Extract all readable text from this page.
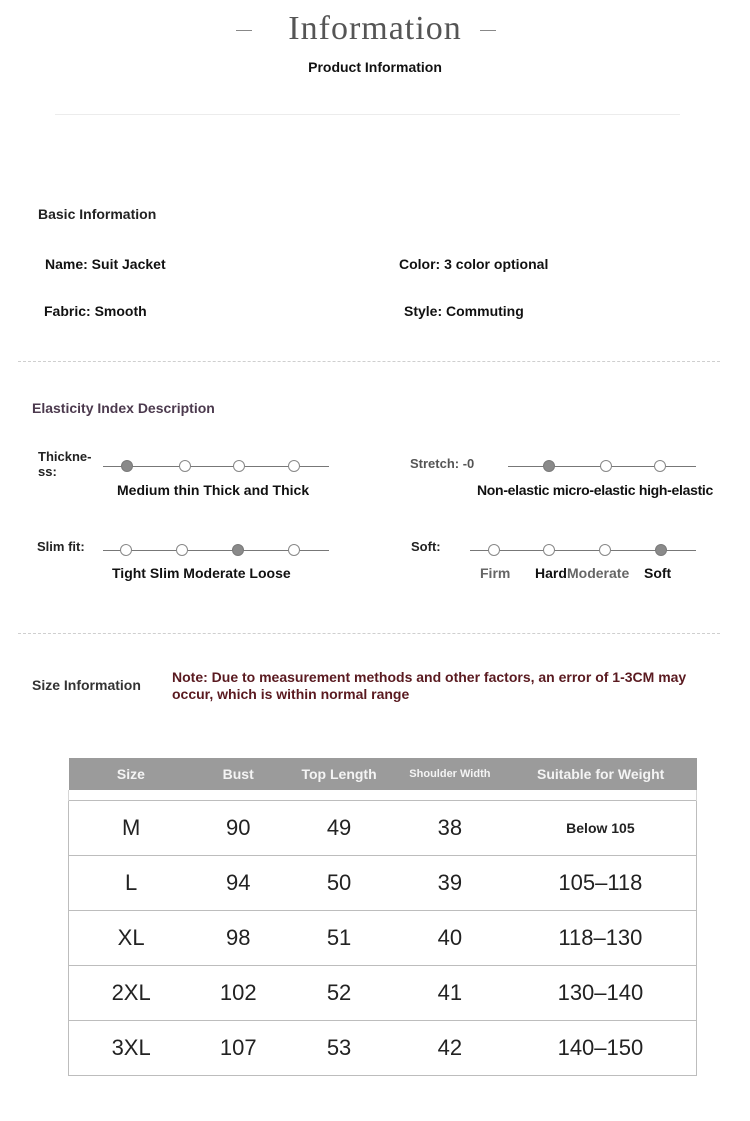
Information
Product Information
Basic Information
Name: Suit Jacket	Color: 3 color optional
Fabric: Smooth	Style: Commuting
Elasticity Index Description
Thickne-
ss:
Medium thin Thick and Thick
Stretch: -0
Non-elastic micro-elastic high-elastic
Slim fit:
Tight Slim Moderate Loose
Soft:
Firm Hard Moderate Soft
Size Information Note: Due to measurement methods and other factors, an error of 1-3CM may occur, which is within normal range
Size	Bust	Top Length	Shoulder Width	Suitable for Weight

M	90	49	38	Below 105
L	94	50	39	105–118
XL	98	51	40	118–130
2XL	102	52	41	130–140
3XL	107	53	42	140–150
